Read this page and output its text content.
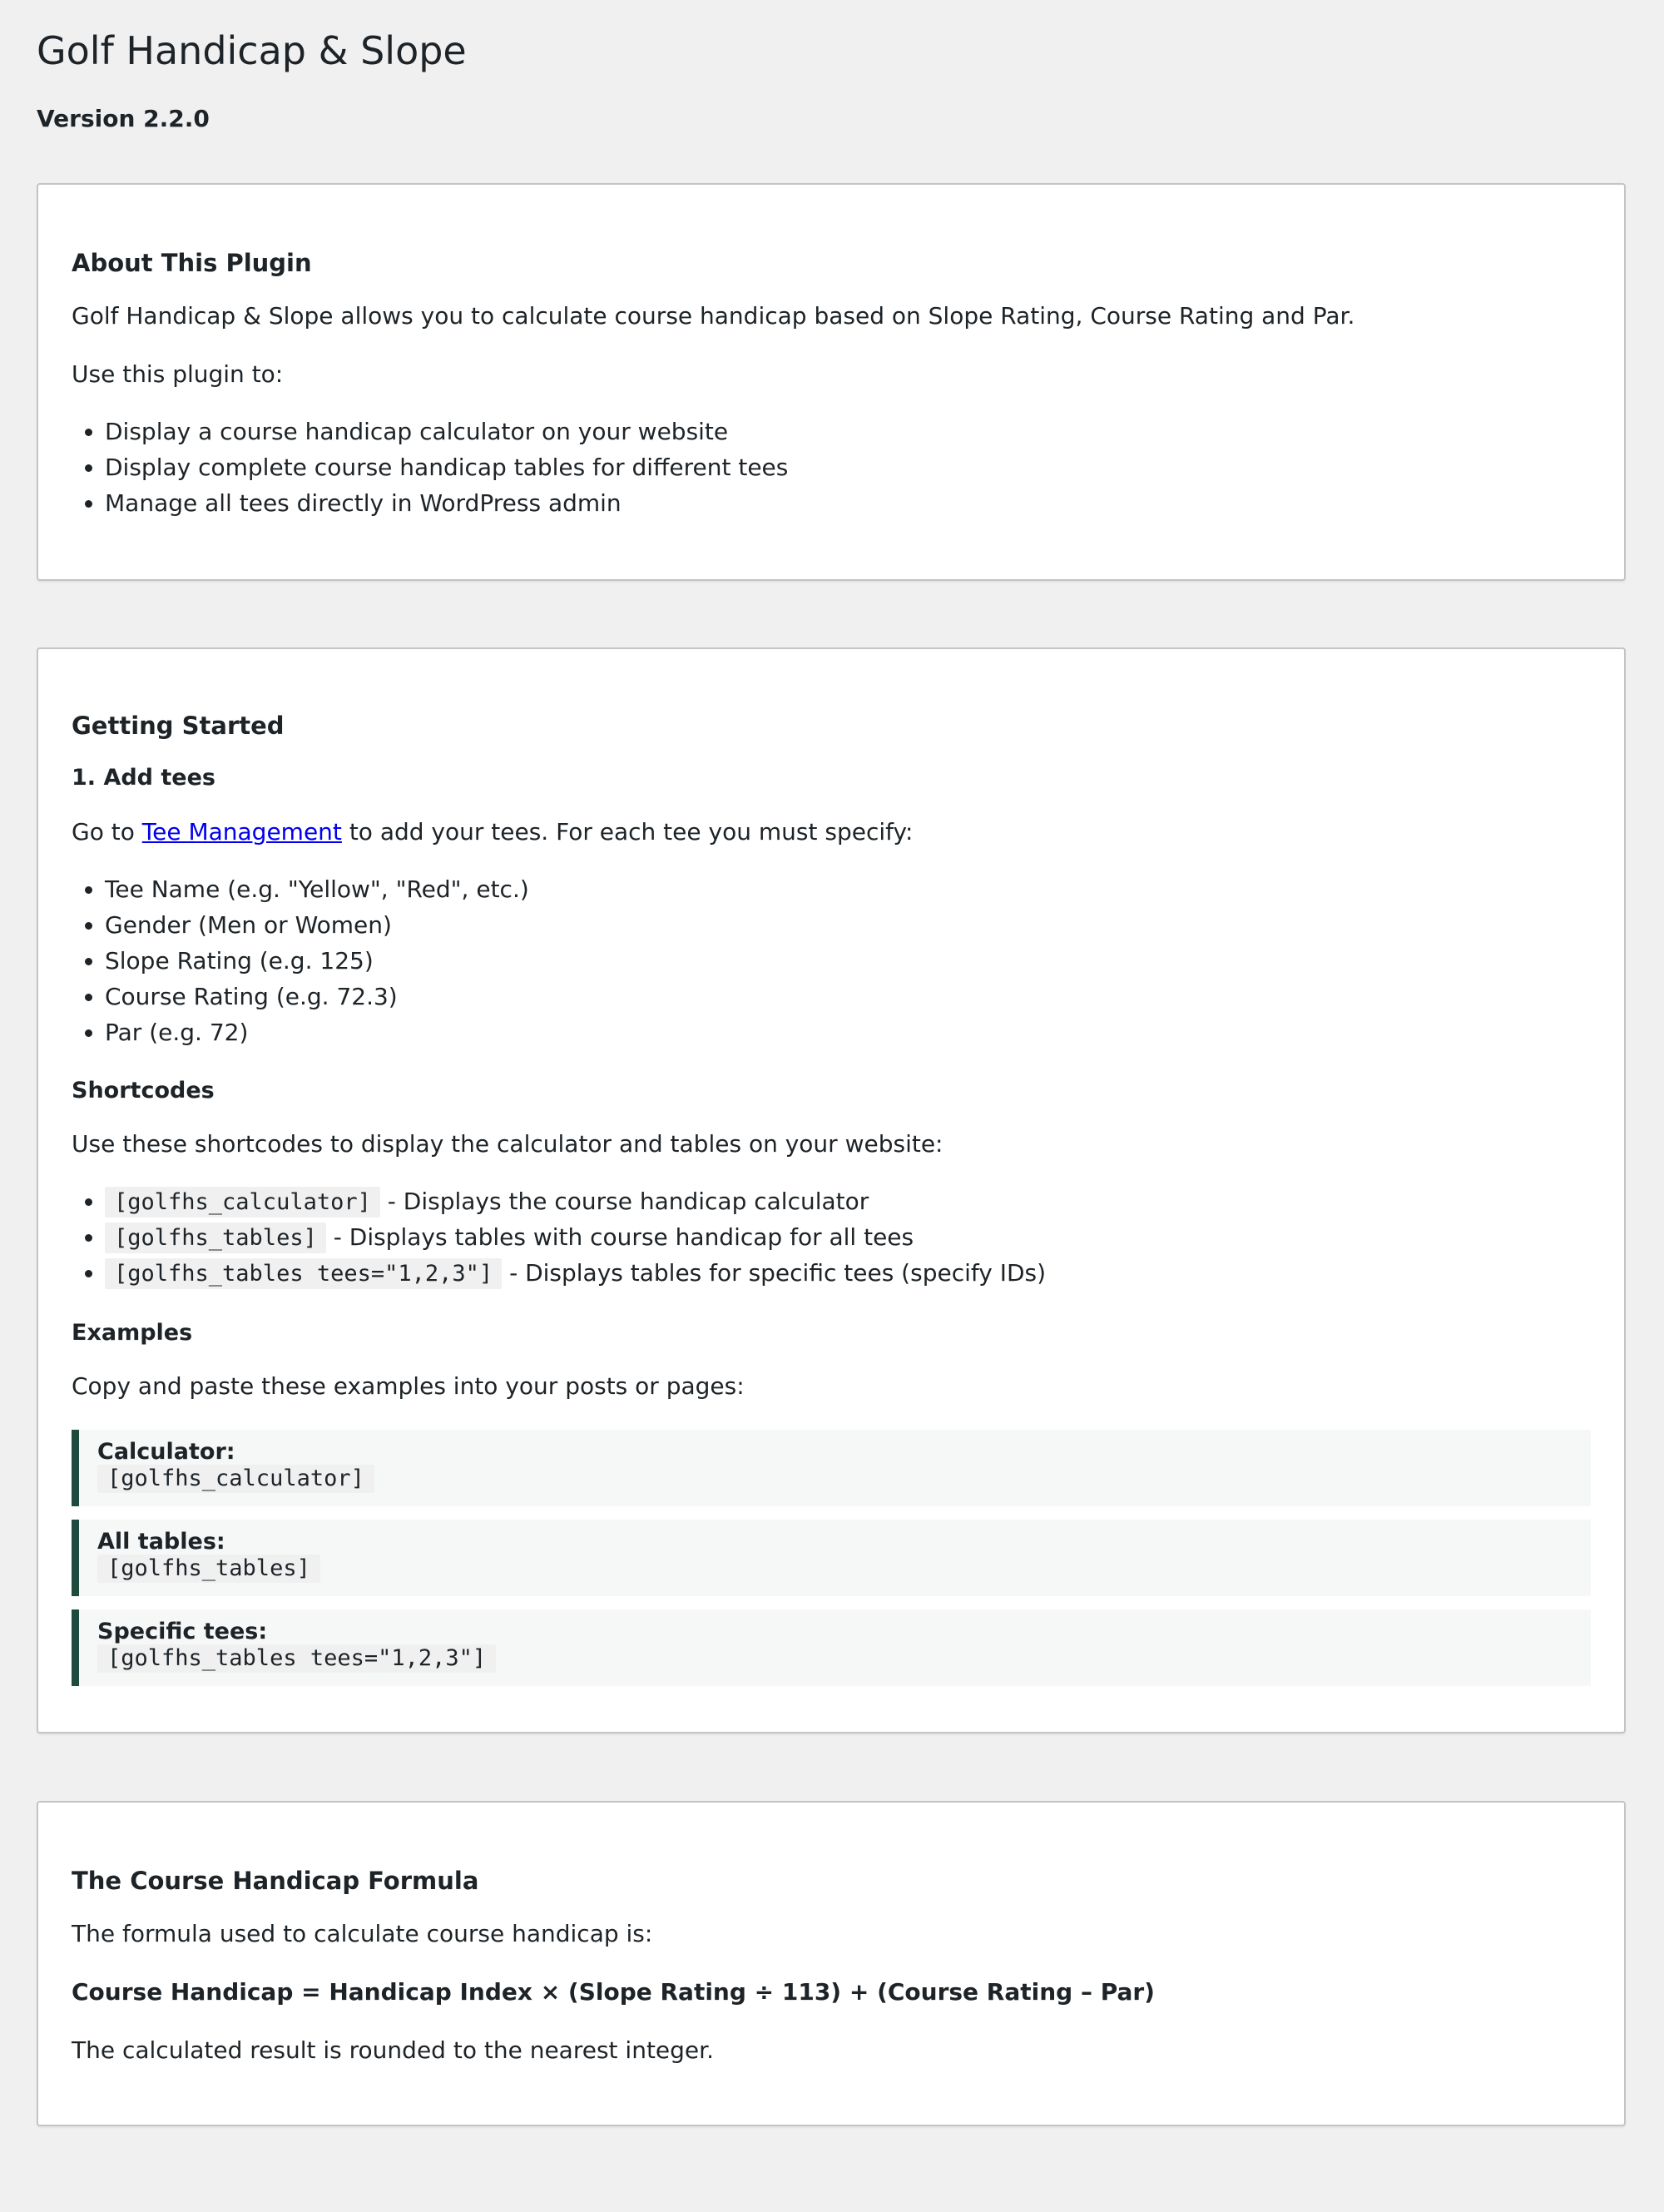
Golf Handicap & Slope
Version 2.2.0
About This Plugin

Golf Handicap & Slope allows you to calculate course handicap based on Slope Rating, Course Rating and Par.

Use this plugin to:

• Display a course handicap calculator on your website
• Display complete course handicap tables for different tees
• Manage all tees directly in WordPress admin
Getting Started
1. Add tees

Go to Tee Management to add your tees. For each tee you must specify:

• Tee Name (e.g. "Yellow", "Red", etc.)
• Gender (Men or Women)
• Slope Rating (e.g. 125)
• Course Rating (e.g. 72.3)
• Par (e.g. 72)
Shortcodes

Use these shortcodes to display the calculator and tables on your website:

• [golfhs_calculator] - Displays the course handicap calculator
• [golfhs_tables] - Displays tables with course handicap for all tees
• [golfhs_tables tees="1,2,3"] - Displays tables for specific tees (specify IDs)
Examples

Copy and paste these examples into your posts or pages:

Calculator:
[golfhs_calculator]
All tables:
[golfhs_tables]
Specific tees:
[golfhs_tables tees="1,2,3"]
The Course Handicap Formula

The formula used to calculate course handicap is:

Course Handicap = Handicap Index × (Slope Rating ÷ 113) + (Course Rating – Par)

The calculated result is rounded to the nearest integer.
